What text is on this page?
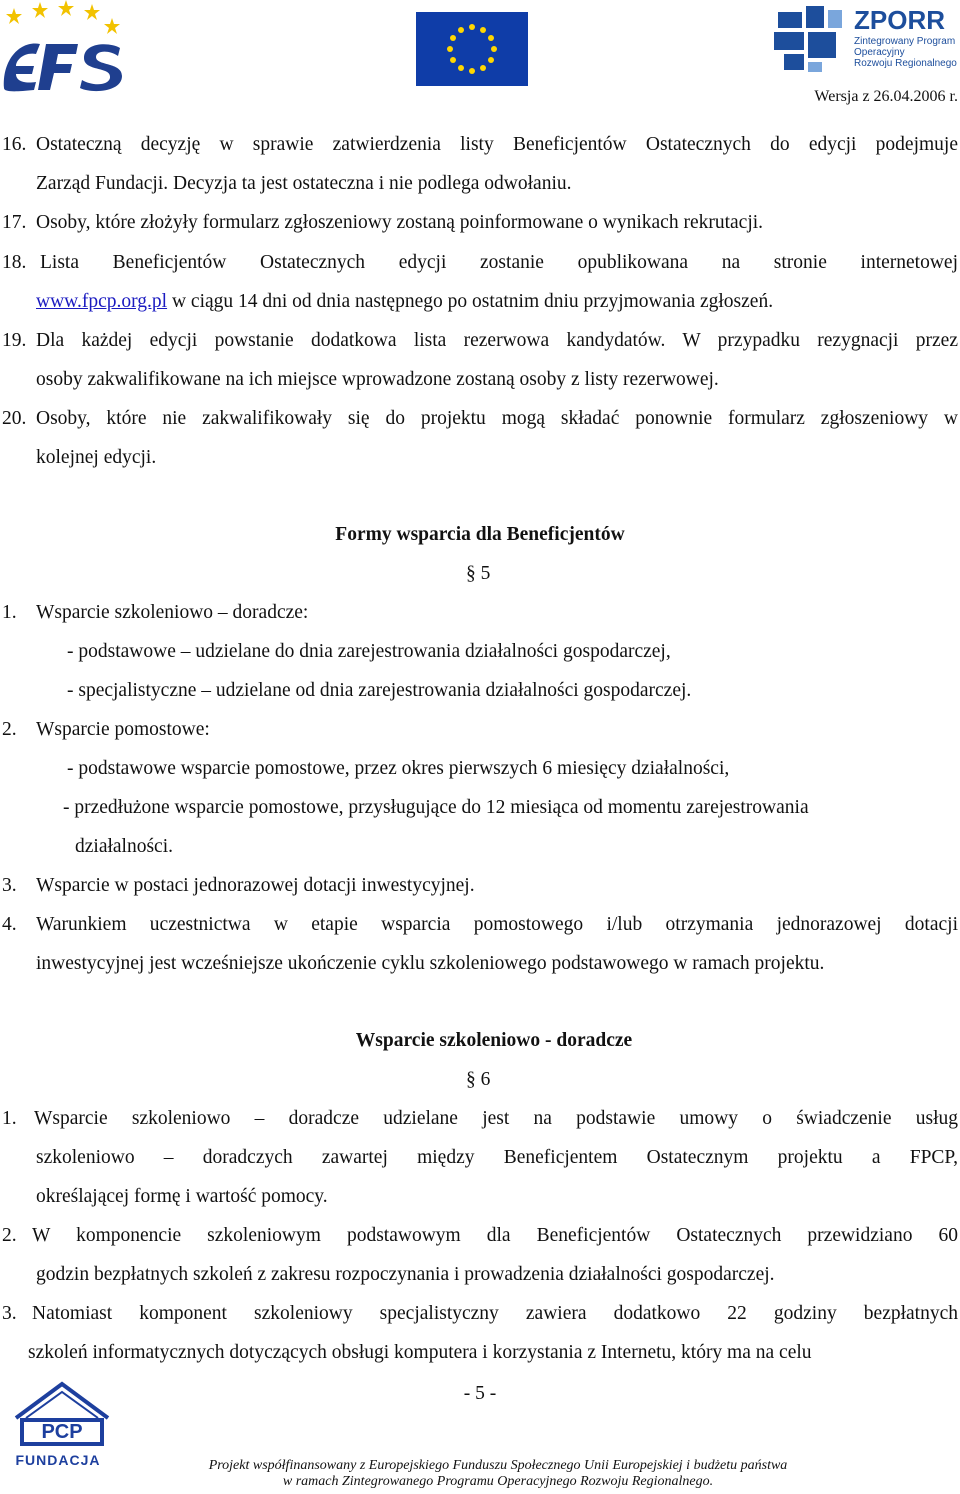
ZPORR
Zintegrowany Program
Operacyjny
Rozwoju Regionalnego
Wersja z 26.04.2006 r.
16. Ostateczną decyzję w sprawie zatwierdzenia listy Beneficjentów Ostatecznych do edycji podejmuje
Zarząd Fundacji. Decyzja ta jest ostateczna i nie podlega odwołaniu.
17. Osoby, które złożyły formularz zgłoszeniowy zostaną poinformowane o wynikach rekrutacji.
18. Lista Beneficjentów Ostatecznych edycji zostanie opublikowana na stronie internetowej
www.fpcp.org.pl w ciągu 14 dni od dnia następnego po ostatnim dniu przyjmowania zgłoszeń.
19. Dla każdej edycji powstanie dodatkowa lista rezerwowa kandydatów. W przypadku rezygnacji przez
osoby zakwalifikowane na ich miejsce wprowadzone zostaną osoby z listy rezerwowej.
20. Osoby, które nie zakwalifikowały się do projektu mogą składać ponownie formularz zgłoszeniowy w
kolejnej edycji.
Formy wsparcia dla Beneficjentów
§ 5
1. Wsparcie szkoleniowo – doradcze:
- podstawowe – udzielane do dnia zarejestrowania działalności gospodarczej,
- specjalistyczne – udzielane od dnia zarejestrowania działalności gospodarczej.
2. Wsparcie pomostowe:
- podstawowe wsparcie pomostowe, przez okres pierwszych 6 miesięcy działalności,
- przedłużone wsparcie pomostowe, przysługujące do 12 miesiąca od momentu zarejestrowania
działalności.
3. Wsparcie w postaci jednorazowej dotacji inwestycyjnej.
4. Warunkiem uczestnictwa w etapie wsparcia pomostowego i/lub otrzymania jednorazowej dotacji
inwestycyjnej jest wcześniejsze ukończenie cyklu szkoleniowego podstawowego w ramach projektu.
Wsparcie szkoleniowo - doradcze
§ 6
1. Wsparcie szkoleniowo – doradcze udzielane jest na podstawie umowy o świadczenie usług
szkoleniowo – doradczych zawartej między Beneficjentem Ostatecznym projektu a FPCP,
określającej formę i wartość pomocy.
2. W komponencie szkoleniowym podstawowym dla Beneficjentów Ostatecznych przewidziano 60
godzin bezpłatnych szkoleń z zakresu rozpoczynania i prowadzenia działalności gospodarczej.
3. Natomiast komponent szkoleniowy specjalistyczny zawiera dodatkowo 22 godziny bezpłatnych
szkoleń informatycznych dotyczących obsługi komputera i korzystania z Internetu, który ma na celu
- 5 -
PCP
FUNDACJA	Projekt współfinansowany z Europejskiego Funduszu Społecznego Unii Europejskiej i budżetu państwa
w ramach Zintegrowanego Programu Operacyjnego Rozwoju Regionalnego.
